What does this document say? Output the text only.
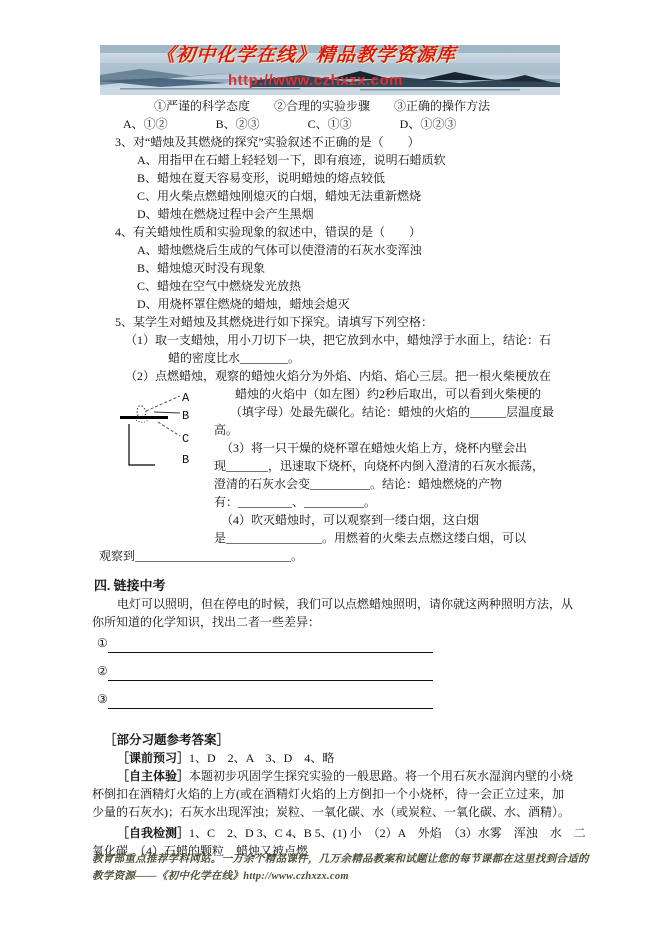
《初中化学在线》精品教学资源库
http://www.czhxzx.com
①严谨的科学态度　　②合理的实验步骤　　③正确的操作方法
A、①②　　　　B、②③　　　　C、①③　　　　D、①②③
3、对“蜡烛及其燃烧的探究”实验叙述不正确的是（　　）
A、用指甲在石蜡上轻轻划一下，即有痕迹，说明石蜡质软
B、蜡烛在夏天容易变形，说明蜡烛的熔点较低
C、用火柴点燃蜡烛刚熄灭的白烟，蜡烛无法重新燃烧
D、蜡烛在燃烧过程中会产生黑烟
4、有关蜡烛性质和实验现象的叙述中，错误的是（　　）
A、蜡烛燃烧后生成的气体可以使澄清的石灰水变浑浊
B、蜡烛熄灭时没有现象
C、蜡烛在空气中燃烧发光放热
D、用烧杯罩住燃烧的蜡烛，蜡烛会熄灭
5、某学生对蜡烛及其燃烧进行如下探究。请填写下列空格：
（1）取一支蜡烛，用小刀切下一块，把它放到水中，蜡烛浮于水面上，结论：石
蜡的密度比水________。
（2）点燃蜡烛，观察的蜡烛火焰分为外焰、内焰、焰心三层。把一根火柴梗放在
A
B
C
B
蜡烛的火焰中（如左图）约2秒后取出，可以看到火柴梗的
（填字母）处最先碳化。结论：蜡烛的火焰的______层温度最
高。
（3）将一只干燥的烧杯罩在蜡烛火焰上方，烧杯内壁会出
现_______，迅速取下烧杯，向烧杯内倒入澄清的石灰水振荡，
澄清的石灰水会变__________。结论：蜡烛燃烧的产物
有：_________、__________。
（4）吹灭蜡烛时，可以观察到一缕白烟，这白烟
是________________。用燃着的火柴去点燃这缕白烟，可以
观察到__________________________。
四. 链接中考
电灯可以照明，但在停电的时候，我们可以点燃蜡烛照明，请你就这两种照明方法，从
你所知道的化学知识，找出二者一些差异：
①
②
③
［部分习题参考答案］
［课前预习］1、D　2、A　3、D　4、略
［自主体验］本题初步巩固学生探究实验的一般思路。将一个用石灰水湿润内壁的小烧
杯倒扣在酒精灯火焰的上方(或在酒精灯火焰的上方倒扣一个小烧杯，待一会正立过来，加
少量的石灰水)；石灰水出现浑浊；炭粒、一氧化碳、水（或炭粒、一氧化碳、水、酒精）。
［自我检测］1、C　2、D 3、C 4、B 5、(1) 小　（2）A　外焰　（3）水雾　浑浊　水　二
氧化碳　（4）石蜡的颗粒　蜡烛又被点燃
教育部重点推荐学科网站。一万余个精品课件，几万余精品教案和试题让您的每节课都在这里找到合适的
教学资源——《初中化学在线》http://www.czhxzx.com
